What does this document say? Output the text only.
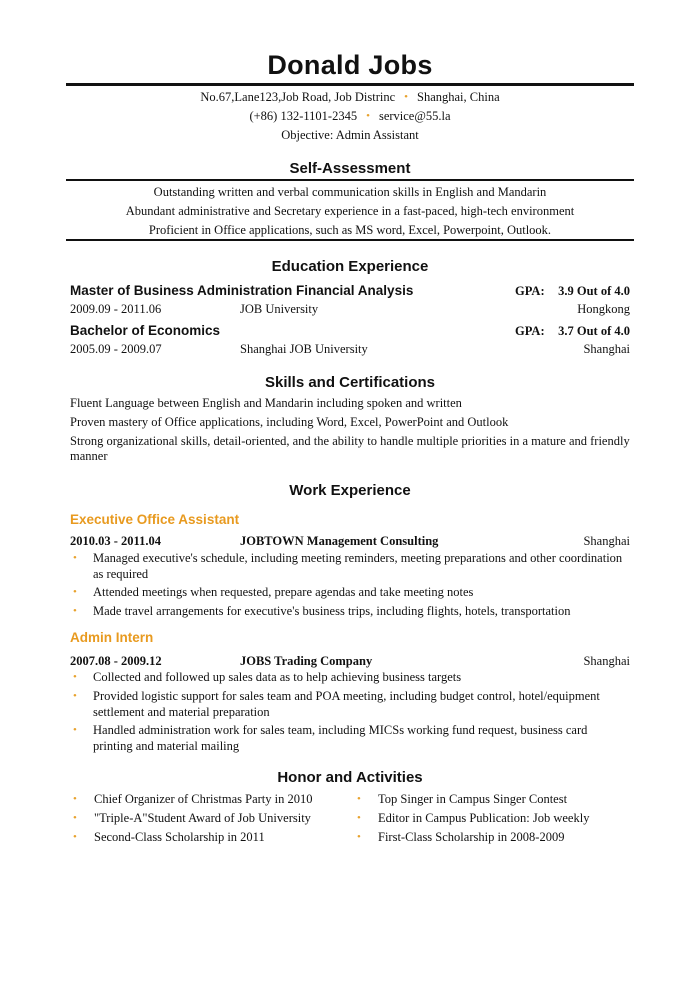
Donald Jobs
No.67,Lane123,Job Road, Job Distrinc • Shanghai, China
(+86) 132-1101-2345 • service@55.la
Objective: Admin Assistant
Self-Assessment
Outstanding written and verbal communication skills in English and Mandarin
Abundant administrative and Secretary experience in a fast-paced, high-tech environment
Proficient in Office applications, such as MS word, Excel, Powerpoint, Outlook.
Education Experience
Master of Business Administration Financial Analysis	GPA: 3.9 Out of 4.0
2009.09 - 2011.06	JOB University	Hongkong
Bachelor of Economics	GPA: 3.7 Out of 4.0
2005.09 - 2009.07	Shanghai JOB University	Shanghai
Skills and Certifications
Fluent Language between English and Mandarin including spoken and written
Proven mastery of Office applications, including Word, Excel, PowerPoint and Outlook
Strong organizational skills, detail-oriented, and the ability to handle multiple priorities in a mature and friendly
manner
Work Experience
Executive Office Assistant
2010.03 - 2011.04	JOBTOWN Management Consulting	Shanghai
• Managed executive's schedule, including meeting reminders, meeting preparations and other coordination as required
• Attended meetings when requested, prepare agendas and take meeting notes
• Made travel arrangements for executive's business trips, including flights, hotels, transportation
Admin Intern
2007.08 - 2009.12	JOBS Trading Company	Shanghai
• Collected and followed up sales data as to help achieving business targets
• Provided logistic support for sales team and POA meeting, including budget control, hotel/equipment settlement and material preparation
• Handled administration work for sales team, including MICSs working fund request, business card printing and material mailing
Honor and Activities
• Chief Organizer of Christmas Party in 2010
• "Triple-A"Student Award of Job University
• Second-Class Scholarship in 2011
• Top Singer in Campus Singer Contest
• Editor in Campus Publication: Job weekly
• First-Class Scholarship in 2008-2009
